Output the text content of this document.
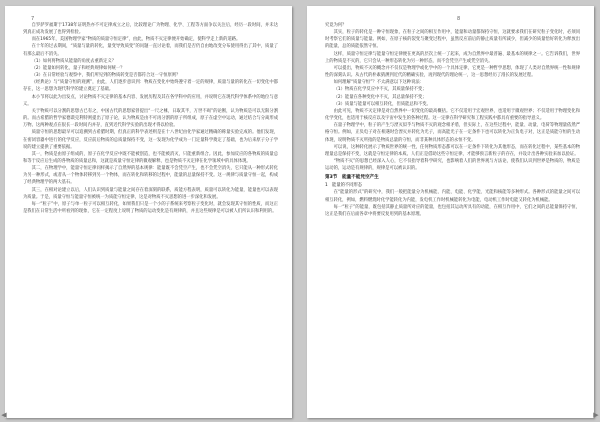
7

自罗萨罗福斯于1738年证明热亦不可定律成立之后，比较理论广为物理、化学、工程等方面争以关注后，经历一段时间，并未达到真正成功发展了也得到检验。

而在1965年，美国物理学家“物质的质量守恒定律”，由此，物质不灭定律便开始确定，使科学走上新的道路。

在十年的过去期间，“质量与量的转化，量变导致质变”的问题一直讨论着，而我们是否仍自由地改变分布使用得出了其中，质量了有那么最后不消失。

（1）如何将物质从能量的角度去重新定义？

（2）能量如何转化，量子和经典规律如何统一？

（3）在日常经验与观察中，我们所见到的物质转变是否都符合这一守恒原则？

《经典论》与“质量守恒的观测”，由此，人们逐步意识到：物质在变化中始终遵守着一定的规律，质量与量的转化在一切变化中都存在，这一思想为现代科学的建立奠定了基础。

本小节将以此为出发点，讨论物质不灭定律的基本内容、发展历程及其在各学科中的应用，并说明它在现代科学体系中的地位与意义。

关于物质可以分割的思想古已有之，中国古代的思想家曾提出“一尺之棰，日取其半，万世不竭”的论断，认为物质是可以无限分割的。而古希腊的哲学家德谟克利特则提出了原子论，认为物质是由不可再分割的原子所组成，原子在虚空中运动，通过结合与分离形成万物。这两种观点在很长一段时间内并存，直到近代科学实验的出现才得以检验。

质量守恒的思想最早可以追溯到古希腊时期，但真正的科学表述则是在十八世纪由化学家通过精确的称量实验完成的。他们发现，在密闭容器中进行的化学反应，反应前后物质的总质量保持不变，这一发现为化学成为一门定量科学奠定了基础，也为后来原子分子学说的建立提供了重要依据。

其一，物质是由原子组成的，原子在化学反应中既不能被创造，也不能被消灭，只能重新组合。因此，参加反应的各物质的质量总和等于反应后生成的各物质的质量总和，这就是质量守恒定律的微观解释，也是物质不灭定律在化学领域中的具体体现。

其二，在物理学中，能量守恒定律同样揭示了自然界的基本规律：能量既不会凭空产生，也不会凭空消失，它只能从一种形式转化为另一种形式，或者从一个物体转移到另一个物体，而在转化和转移的过程中，能量的总量保持不变。这一规律与质量守恒一起，构成了经典物理学的两大基石。

其三，在相对论建立以后，人们认识到质量与能量之间存在着深刻的联系，质能方程表明，质量可以转化为能量，能量也可以表现为质量。于是，质量守恒与能量守恒被统一为质能守恒定律，这是对物质不灭思想的进一步深化和发展。

每一“粒子”中，原子与单一粒子可以相互转化，如果我们只是一个小的子系统来考察粒子变化时，就会发现其守恒的性质，而这正是我们在日常生活中所看到的现象，它在一定程度上说明了物质的运动变化是有规律的，并且这些规律是可以被人们所认识和利用的。

8

究竟为何？

其实，粒子的转化是一种守恒现象，在粒子之间的相互作用中，能量和动量都保持守恒，这就要求我们在研究粒子变化时，必须同时考察它们的质量与能量。例如，在原子核的裂变与聚变过程中，虽然反应前后的静止质量有所减少，但减少的质量恰好转化为释放出的能量，总的质能依然守恒。

这样，质量守恒定律与能量守恒定律便在更高的层次上统一了起来，成为自然界中最普遍、最基本的规律之一。它告诉我们，世界上的物质是不灭的，它只会从一种形态转化为另一种形态，而不会凭空产生或凭空消失。

可以提出，物质不灭的概念并不仅仅是物理学或化学中的一个具体定律，它更是一种哲学思想，体现了人类对自然界统一性和规律性的深刻认识。从古代的朴素猜测到近代的精确实验，再到现代的理论统一，这一思想经历了漫长的发展过程。

如何理解“质量守恒”？不太满意以下这种说法：

（1）物质在化学反应中不灭，其质量保持不变；

（2）能量在各种变化中不灭，其总量保持不变；

（3）质量与能量可以相互转化，但质能总和不变。

由此可见，物质不灭定律是对自然界中一切变化的最高概括。它不仅适用于宏观世界，也适用于微观世界；不仅适用于物理变化和化学变化，也适用于核反应以及宇宙中发生的各种过程。这一定律在科学研究和工程实践中都具有重要的指导意义。

在量子物理学中，粒子的产生与湮灭似乎与物质不灭的观念相矛盾，但实际上，在这些过程中，能量、动量、电荷等物理量依然严格守恒。例如，正负电子对在相遇时会湮灭并转化为光子，而高能光子在一定条件下也可以转化为正负电子对，这正是质能守恒的生动体现，说明物质不灭所指的是物质总量的守恒，而非某种具体形态的永恒不变。

可以说，这种转化展示了物质世界的统一性，任何物质形态都可以在一定条件下转化为其他形态，而在转化过程中，某些基本的物理量总是保持不变，这就是守恒定律的本质。人们正是借助这些守恒定律，才能够预言新粒子的存在，并设计出各种实验来加以验证。

“物质不灭”的思想已经深入人心，它不仅指导着科学研究，也影响着人们的世界观与方法论，使我们认识到世界是物质的，物质是运动的，运动是有规律的，规律是可以被认识的。

第3节　能量不能凭空产生

1　能量的不同形态

在“能量的形式”的研究中，我们一般把能量分为机械能、内能、电能、化学能、光能和核能等多种形式。各种形式的能量之间可以相互转化，例如，燃料燃烧时化学能转化为内能，发电机工作时机械能转化为电能，电动机工作时电能又转化为机械能。

每一“粒子”的能量，既包括其静止质量所对应的能量，也包括其运动所具有的动能，在相互作用中，它们之间的总能量保持守恒，这正是我们在后面各章中将要反复用到的基本原理。

◀	▶
